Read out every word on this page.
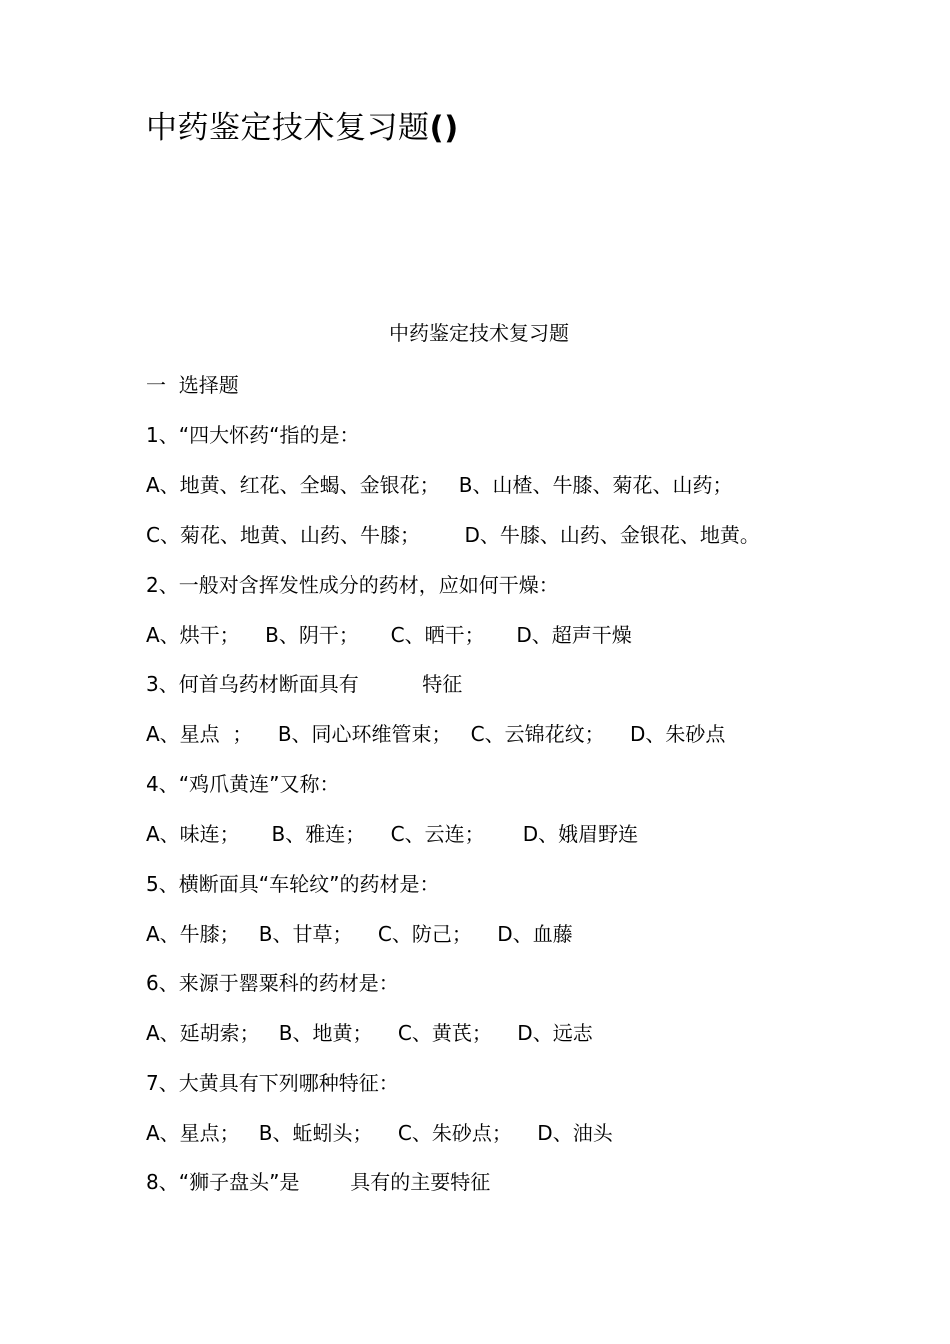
中药鉴定技术复习题()
中药鉴定技术复习题
一  选择题
1、“四大怀药“指的是：
A、地黄、红花、全蝎、金银花；   B、山楂、牛膝、菊花、山药；
C、菊花、地黄、山药、牛膝；       D、牛膝、山药、金银花、地黄。
2、一般对含挥发性成分的药材，应如何干燥：
A、烘干；    B、阴干；     C、晒干；     D、超声干燥
3、何首乌药材断面具有          特征
A、星点  ；    B、同心环维管束；   C、云锦花纹；    D、朱砂点
4、“鸡爪黄连”又称：
A、味连；     B、雅连；    C、云连；      D、娥眉野连
5、横断面具“车轮纹”的药材是：
A、牛膝；   B、甘草；    C、防己；    D、血藤
6、来源于罂粟科的药材是：
A、延胡索；   B、地黄；    C、黄芪；    D、远志
7、大黄具有下列哪种特征：
A、星点；   B、蚯蚓头；    C、朱砂点；    D、油头
8、“狮子盘头”是        具有的主要特征
